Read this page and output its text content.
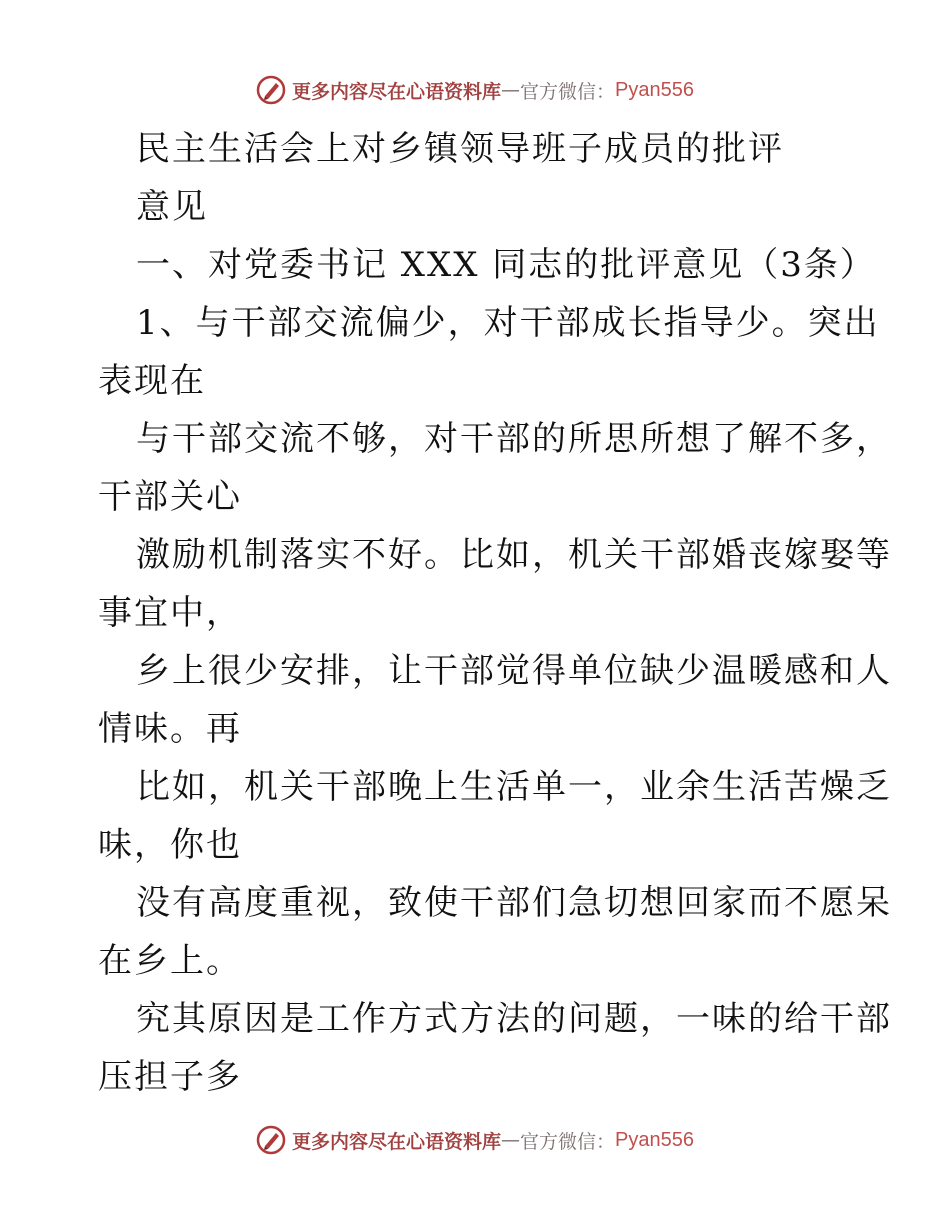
更多内容尽在心语资料库 — 官方微信： Pyan556
民主生活会上对乡镇领导班子成员的批评
意见
一、对党委书记 XXX 同志的批评意见（3条）
1、与干部交流偏少，对干部成长指导少。突出
表现在
与干部交流不够，对干部的所思所想了解不多，
干部关心
激励机制落实不好。比如，机关干部婚丧嫁娶等
事宜中，
乡上很少安排，让干部觉得单位缺少温暖感和人
情味。再
比如，机关干部晚上生活单一，业余生活苦燥乏
味，你也
没有高度重视，致使干部们急切想回家而不愿呆
在乡上。
究其原因是工作方式方法的问题，一味的给干部
压担子多
更多内容尽在心语资料库 — 官方微信： Pyan556
